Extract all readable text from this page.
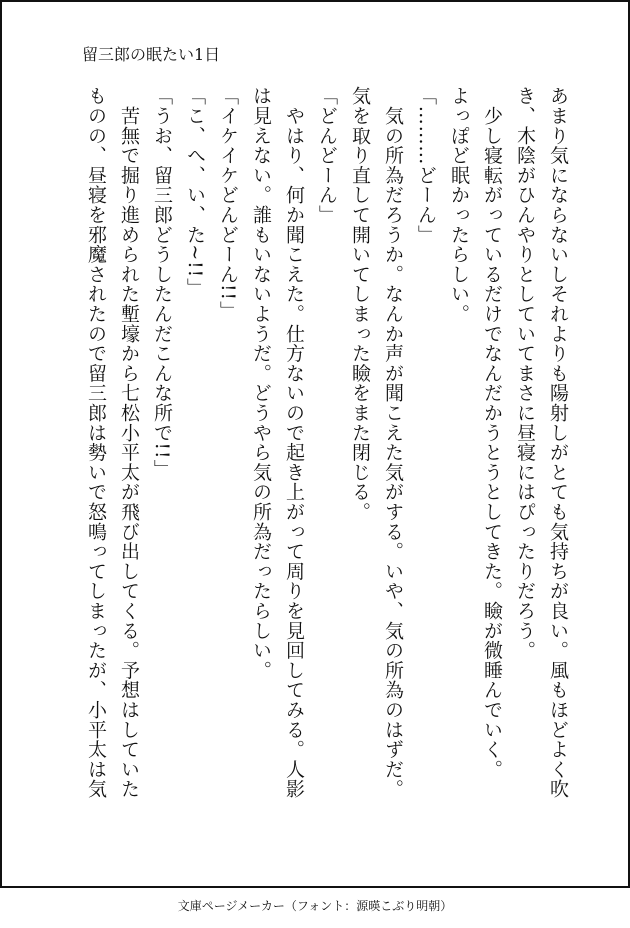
留三郎の眠たい1日
あまり気にならないしそれよりも陽射しがとても気持ちが良い。風もほどよく吹
き、木陰がひんやりとしていてまさに昼寝にはぴったりだろう。
　少し寝転がっているだけでなんだかうとうとしてきた。瞼が微睡んでいく。
よっぽど眠かったらしい。
「………どーん」
　気の所為だろうか。なんか声が聞こえた気がする。いや、気の所為のはずだ。
気を取り直して開いてしまった瞼をまた閉じる。
「どんどーん」
　やはり、何か聞こえた。仕方ないので起き上がって周りを見回してみる。人影
は見えない。誰もいないようだ。どうやら気の所為だったらしい。
「イケイケどんどーん!!」
「こ、へ、い、た~!!」
「うお、留三郎どうしたんだこんな所で!!」
　苦無で掘り進められた塹壕から七松小平太が飛び出してくる。予想はしていた
ものの、昼寝を邪魔されたので留三郎は勢いで怒鳴ってしまったが、小平太は気
文庫ページメーカー（フォント：源暎こぶり明朝）
